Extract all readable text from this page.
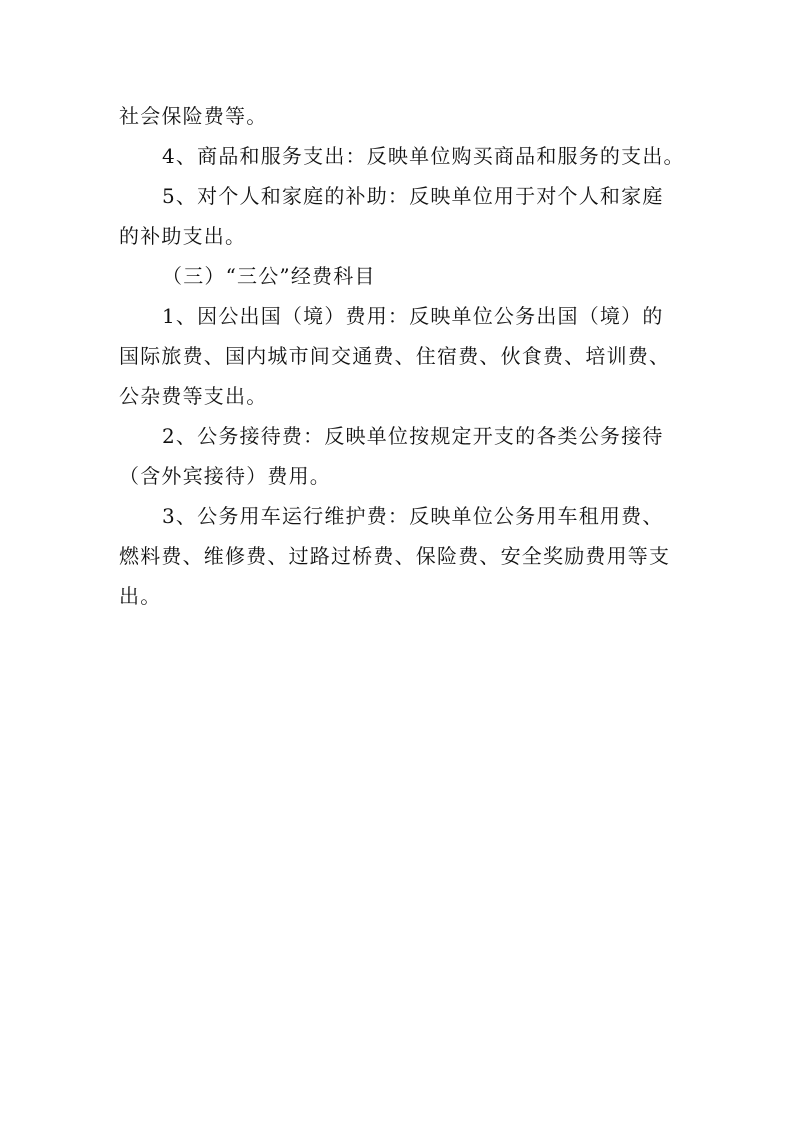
社会保险费等。
4、商品和服务支出：反映单位购买商品和服务的支出。
5、对个人和家庭的补助：反映单位用于对个人和家庭
的补助支出。
（三）“三公”经费科目
1、因公出国（境）费用：反映单位公务出国（境）的
国际旅费、国内城市间交通费、住宿费、伙食费、培训费、
公杂费等支出。
2、公务接待费：反映单位按规定开支的各类公务接待
（含外宾接待）费用。
3、公务用车运行维护费：反映单位公务用车租用费、
燃料费、维修费、过路过桥费、保险费、安全奖励费用等支
出。
